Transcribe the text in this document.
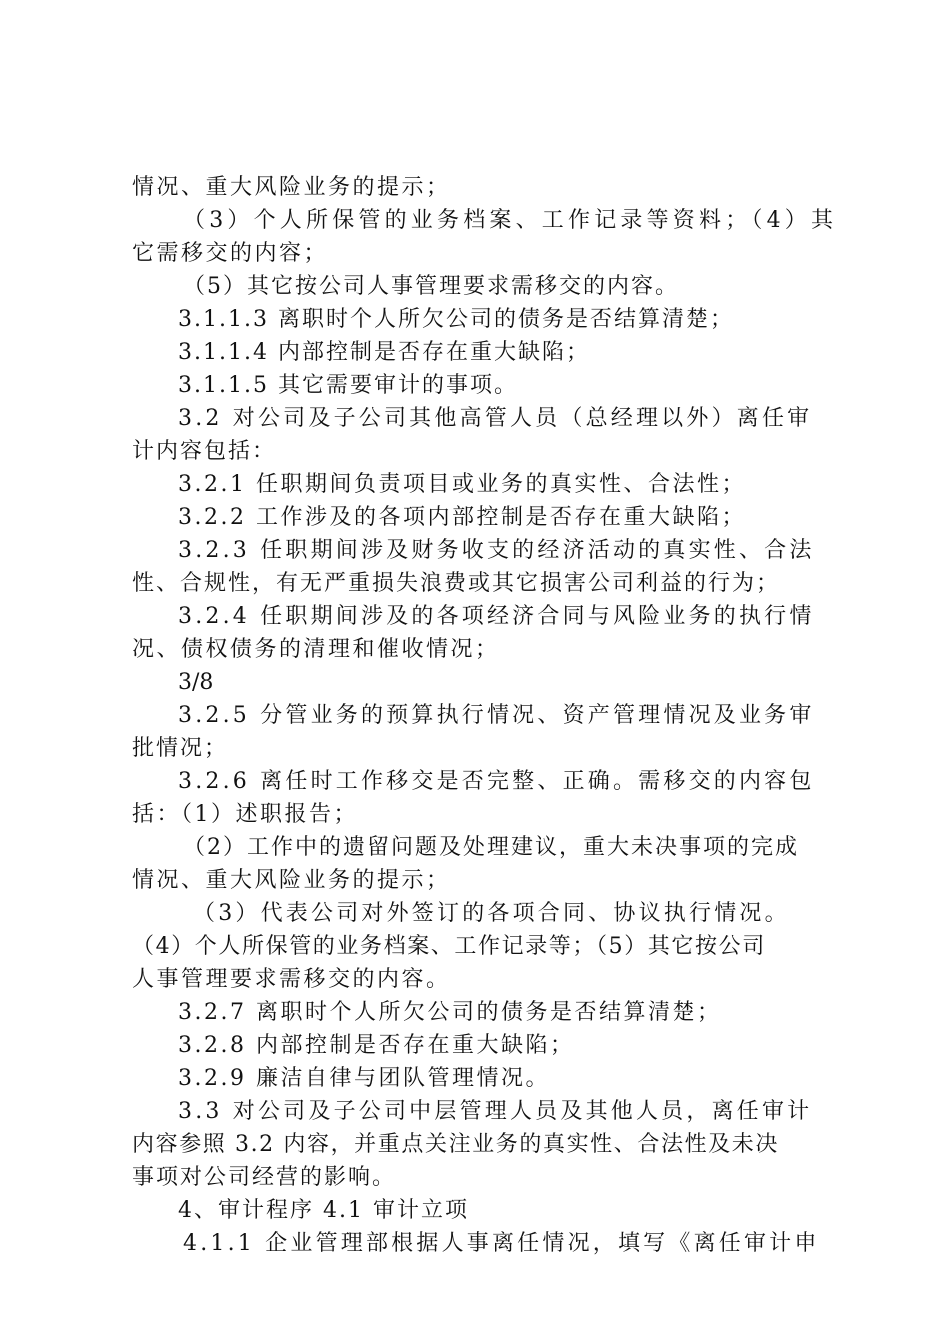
情况、重大风险业务的提示；
（3）个人所保管的业务档案、工作记录等资料；（4）其
它需移交的内容；
（5）其它按公司人事管理要求需移交的内容。
3.1.1.3 离职时个人所欠公司的债务是否结算清楚；
3.1.1.4 内部控制是否存在重大缺陷；
3.1.1.5 其它需要审计的事项。
3.2 对公司及子公司其他高管人员（总经理以外）离任审
计内容包括：
3.2.1 任职期间负责项目或业务的真实性、合法性；
3.2.2 工作涉及的各项内部控制是否存在重大缺陷；
3.2.3 任职期间涉及财务收支的经济活动的真实性、合法
性、合规性，有无严重损失浪费或其它损害公司利益的行为；
3.2.4 任职期间涉及的各项经济合同与风险业务的执行情
况、债权债务的清理和催收情况；
3/8
3.2.5 分管业务的预算执行情况、资产管理情况及业务审
批情况；
3.2.6 离任时工作移交是否完整、正确。需移交的内容包
括：（1）述职报告；
（2）工作中的遗留问题及处理建议，重大未决事项的完成
情况、重大风险业务的提示；
（3）代表公司对外签订的各项合同、协议执行情况。
（4）个人所保管的业务档案、工作记录等；（5）其它按公司
人事管理要求需移交的内容。
3.2.7 离职时个人所欠公司的债务是否结算清楚；
3.2.8 内部控制是否存在重大缺陷；
3.2.9 廉洁自律与团队管理情况。
3.3 对公司及子公司中层管理人员及其他人员，离任审计
内容参照 3.2 内容，并重点关注业务的真实性、合法性及未决
事项对公司经营的影响。
4、审计程序 4.1 审计立项
4.1.1 企业管理部根据人事离任情况，填写《离任审计申
